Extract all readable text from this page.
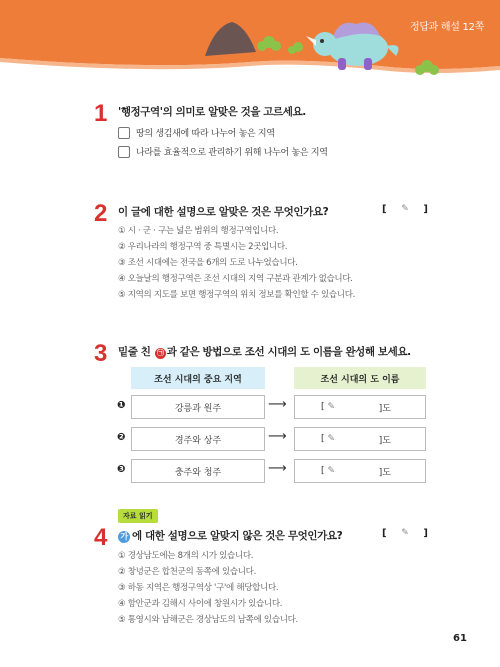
정답과 해설 12쪽
1 '행정구역'의 의미로 알맞은 것을 고르세요.
땅의 생김새에 따라 나누어 놓은 지역
나라를 효율적으로 관리하기 위해 나누어 놓은 지역
2 이 글에 대한 설명으로 알맞은 것은 무엇인가요?	[ ✎ ]
① 시 · 군 · 구는 넓은 범위의 행정구역입니다.
② 우리나라의 행정구역 중 특별시는 2곳입니다.
③ 조선 시대에는 전국을 6개의 도로 나누었습니다.
④ 오늘날의 행정구역은 조선 시대의 지역 구분과 관계가 없습니다.
⑤ 지역의 지도를 보면 행정구역의 위치 정보를 확인할 수 있습니다.
3 밑줄 친 ㉠ 과 같은 방법으로 조선 시대의 도 이름을 완성해 보세요.
조선 시대의 중요 지역	조선 시대의 도 이름
❶	강릉과 원주	⟶	[ ✎	]도
❷	경주와 상주	⟶	[ ✎	]도
❸	충주와 청주	⟶	[ ✎	]도
자료 읽기
4 가 에 대한 설명으로 알맞지 않은 것은 무엇인가요?	[ ✎ ]
① 경상남도에는 8개의 시가 있습니다.
② 창녕군은 합천군의 동쪽에 있습니다.
③ 하동 지역은 행정구역상 '구'에 해당합니다.
④ 함안군과 김해시 사이에 창원시가 있습니다.
⑤ 통영시와 남해군은 경상남도의 남쪽에 있습니다.
61
